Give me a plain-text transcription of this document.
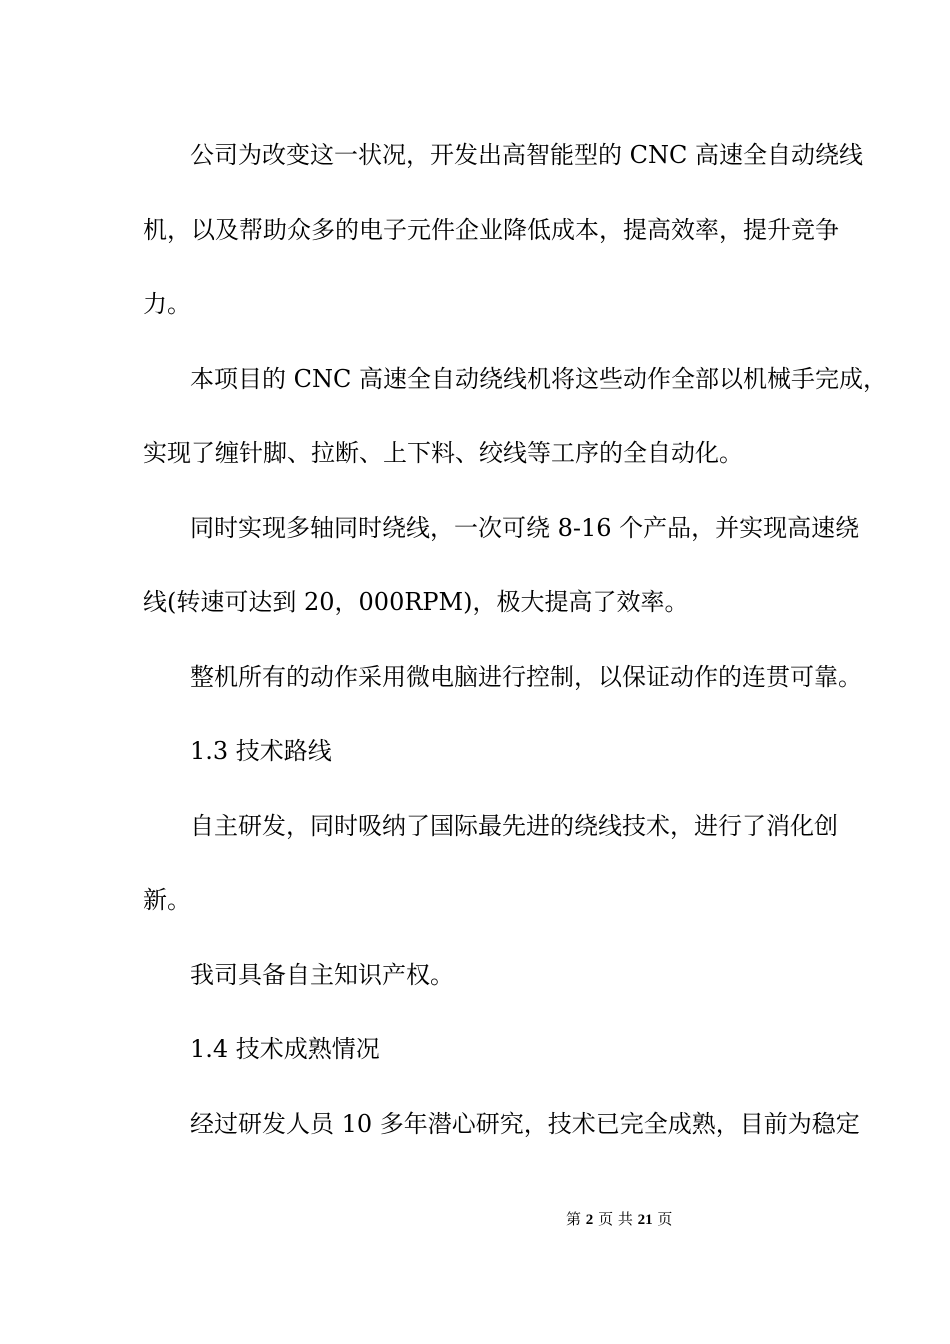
公司为改变这一状况，开发出高智能型的 CNC 高速全自动绕线
机，以及帮助众多的电子元件企业降低成本，提高效率，提升竞争
力。
本项目的 CNC 高速全自动绕线机将这些动作全部以机械手完成，
实现了缠针脚、拉断、上下料、绞线等工序的全自动化。
同时实现多轴同时绕线，一次可绕 8-16 个产品，并实现高速绕
线(转速可达到 20，000RPM)，极大提高了效率。
整机所有的动作采用微电脑进行控制，以保证动作的连贯可靠。
1.3 技术路线
自主研发，同时吸纳了国际最先进的绕线技术，进行了消化创
新。
我司具备自主知识产权。
1.4 技术成熟情况
经过研发人员 10 多年潜心研究，技术已完全成熟，目前为稳定
第 2 页 共 21 页
